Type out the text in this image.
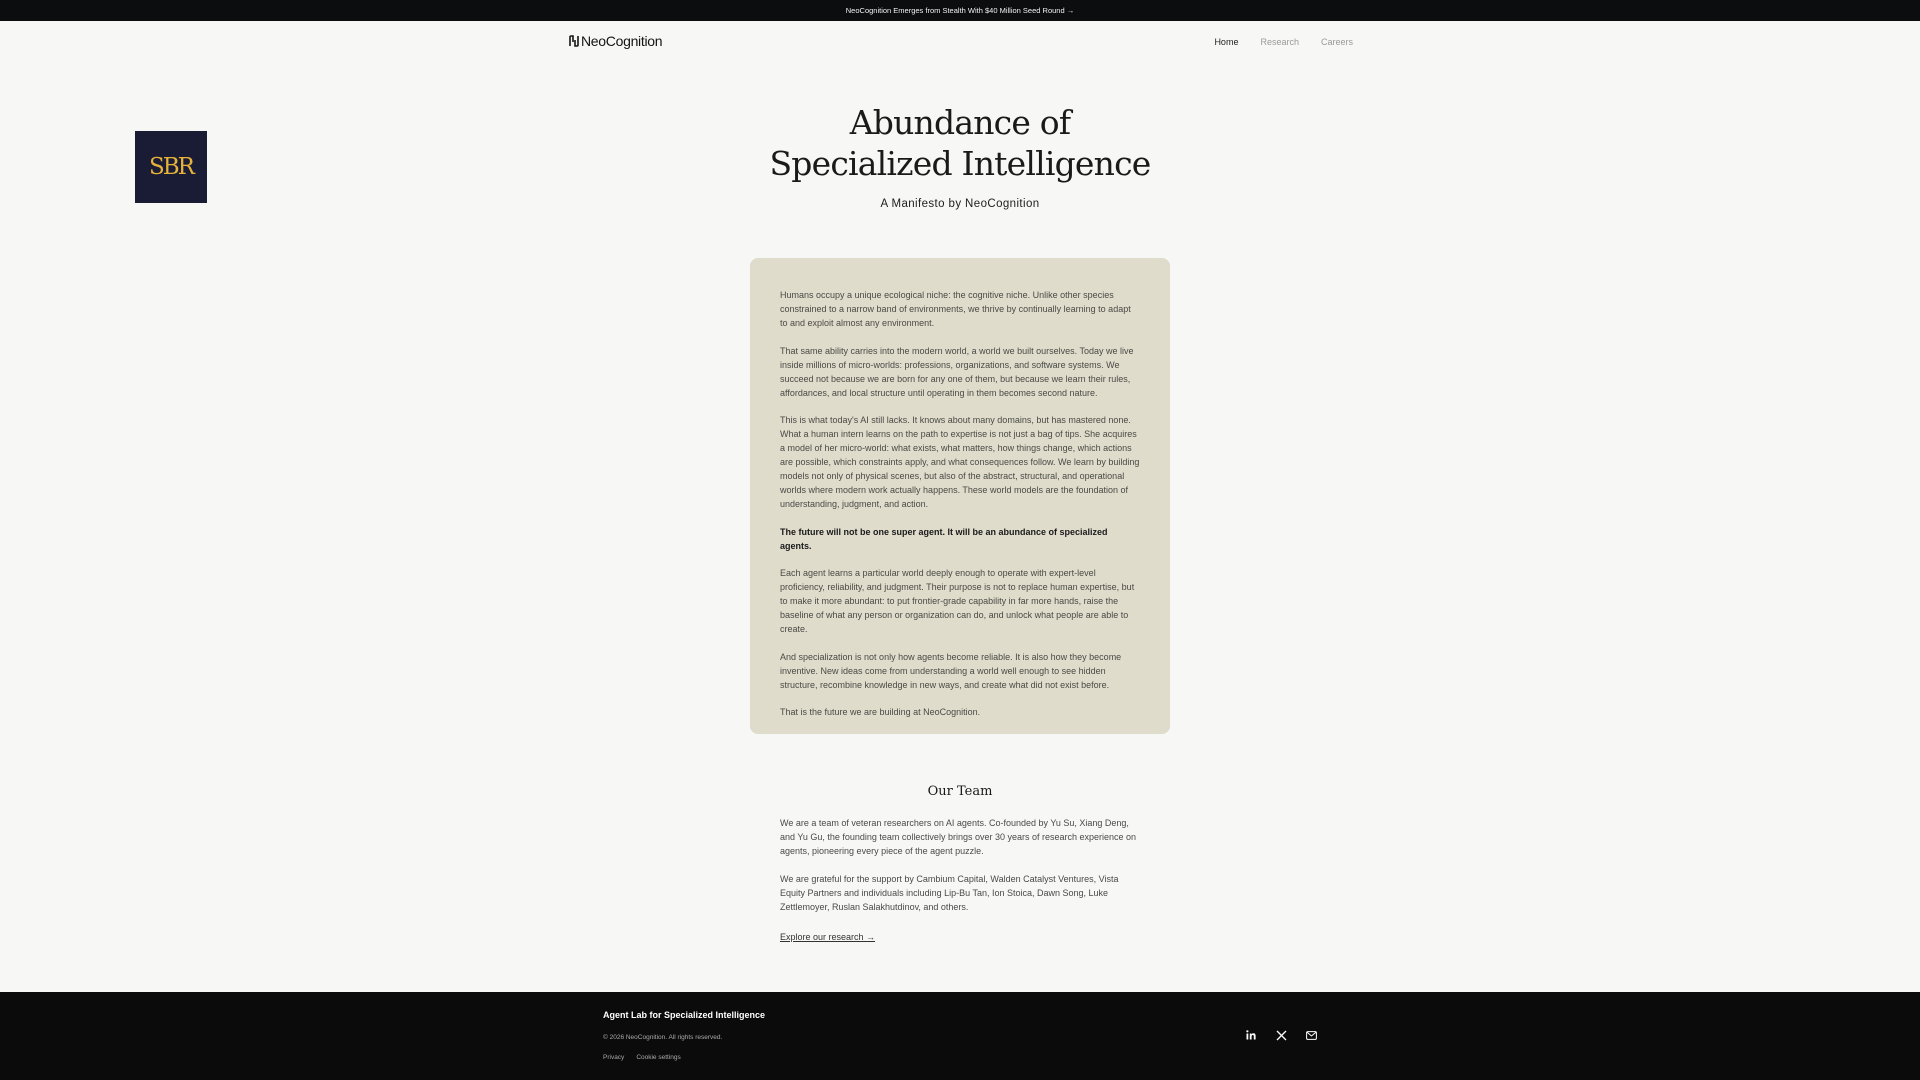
NeoCognition Emerges from Stealth With $40 Million Seed Round →
NeoCognition	Home Research Careers
SBR
Abundance of
Specialized Intelligence
A Manifesto by NeoCognition

Humans occupy a unique ecological niche: the cognitive niche. Unlike other species constrained to a narrow band of environments, we thrive by continually learning to adapt to and exploit almost any environment.

That same ability carries into the modern world, a world we built ourselves. Today we live inside millions of micro-worlds: professions, organizations, and software systems. We succeed not because we are born for any one of them, but because we learn their rules, affordances, and local structure until operating in them becomes second nature.

This is what today's AI still lacks. It knows about many domains, but has mastered none. What a human intern learns on the path to expertise is not just a bag of tips. She acquires a model of her micro-world: what exists, what matters, how things change, which actions are possible, which constraints apply, and what consequences follow. We learn by building models not only of physical scenes, but also of the abstract, structural, and operational worlds where modern work actually happens. These world models are the foundation of understanding, judgment, and action.

The future will not be one super agent. It will be an abundance of specialized agents.

Each agent learns a particular world deeply enough to operate with expert-level proficiency, reliability, and judgment. Their purpose is not to replace human expertise, but to make it more abundant: to put frontier-grade capability in far more hands, raise the baseline of what any person or organization can do, and unlock what people are able to create.

And specialization is not only how agents become reliable. It is also how they become inventive. New ideas come from understanding a world well enough to see hidden structure, recombine knowledge in new ways, and create what did not exist before.

That is the future we are building at NeoCognition.

Our Team

We are a team of veteran researchers on AI agents. Co-founded by Yu Su, Xiang Deng, and Yu Gu, the founding team collectively brings over 30 years of research experience on agents, pioneering every piece of the agent puzzle.

We are grateful for the support by Cambium Capital, Walden Catalyst Ventures, Vista Equity Partners and individuals including Lip-Bu Tan, Ion Stoica, Dawn Song, Luke Zettlemoyer, Ruslan Salakhutdinov, and others.

Explore our research →
Agent Lab for Specialized Intelligence
© 2026 NeoCognition. All rights reserved.
Privacy Cookie settings
